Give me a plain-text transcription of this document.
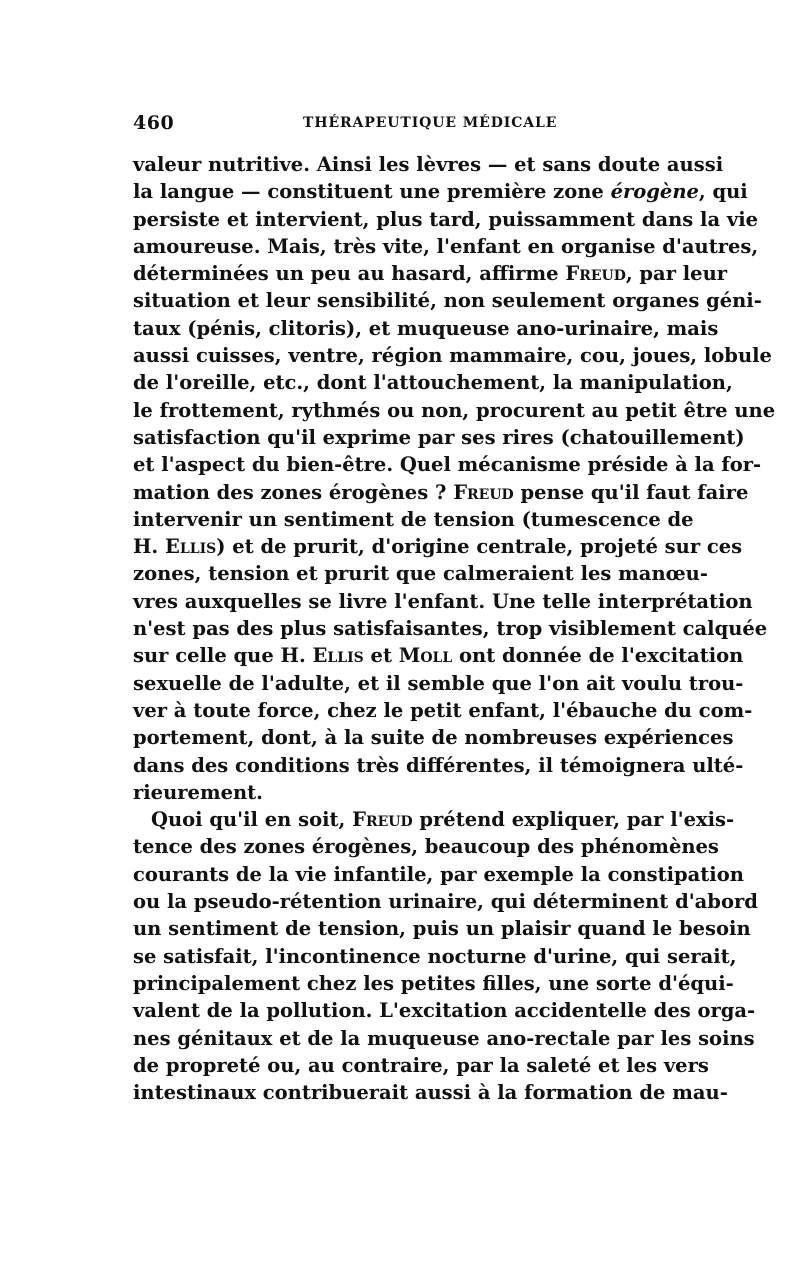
460	THÉRAPEUTIQUE MÉDICALE
valeur nutritive. Ainsi les lèvres — et sans doute aussi
la langue — constituent une première zone érogène, qui
persiste et intervient, plus tard, puissamment dans la vie
amoureuse. Mais, très vite, l'enfant en organise d'autres,
déterminées un peu au hasard, affirme Freud, par leur
situation et leur sensibilité, non seulement organes géni-
taux (pénis, clitoris), et muqueuse ano-urinaire, mais
aussi cuisses, ventre, région mammaire, cou, joues, lobule
de l'oreille, etc., dont l'attouchement, la manipulation,
le frottement, rythmés ou non, procurent au petit être une
satisfaction qu'il exprime par ses rires (chatouillement)
et l'aspect du bien-être. Quel mécanisme préside à la for-
mation des zones érogènes ? Freud pense qu'il faut faire
intervenir un sentiment de tension (tumescence de
H. Ellis) et de prurit, d'origine centrale, projeté sur ces
zones, tension et prurit que calmeraient les manœu-
vres auxquelles se livre l'enfant. Une telle interprétation
n'est pas des plus satisfaisantes, trop visiblement calquée
sur celle que H. Ellis et Moll ont donnée de l'excitation
sexuelle de l'adulte, et il semble que l'on ait voulu trou-
ver à toute force, chez le petit enfant, l'ébauche du com-
portement, dont, à la suite de nombreuses expériences
dans des conditions très différentes, il témoignera ulté-
rieurement.
Quoi qu'il en soit, Freud prétend expliquer, par l'exis-
tence des zones érogènes, beaucoup des phénomènes
courants de la vie infantile, par exemple la constipation
ou la pseudo-rétention urinaire, qui déterminent d'abord
un sentiment de tension, puis un plaisir quand le besoin
se satisfait, l'incontinence nocturne d'urine, qui serait,
principalement chez les petites filles, une sorte d'équi-
valent de la pollution. L'excitation accidentelle des orga-
nes génitaux et de la muqueuse ano-rectale par les soins
de propreté ou, au contraire, par la saleté et les vers
intestinaux contribuerait aussi à la formation de mau-
